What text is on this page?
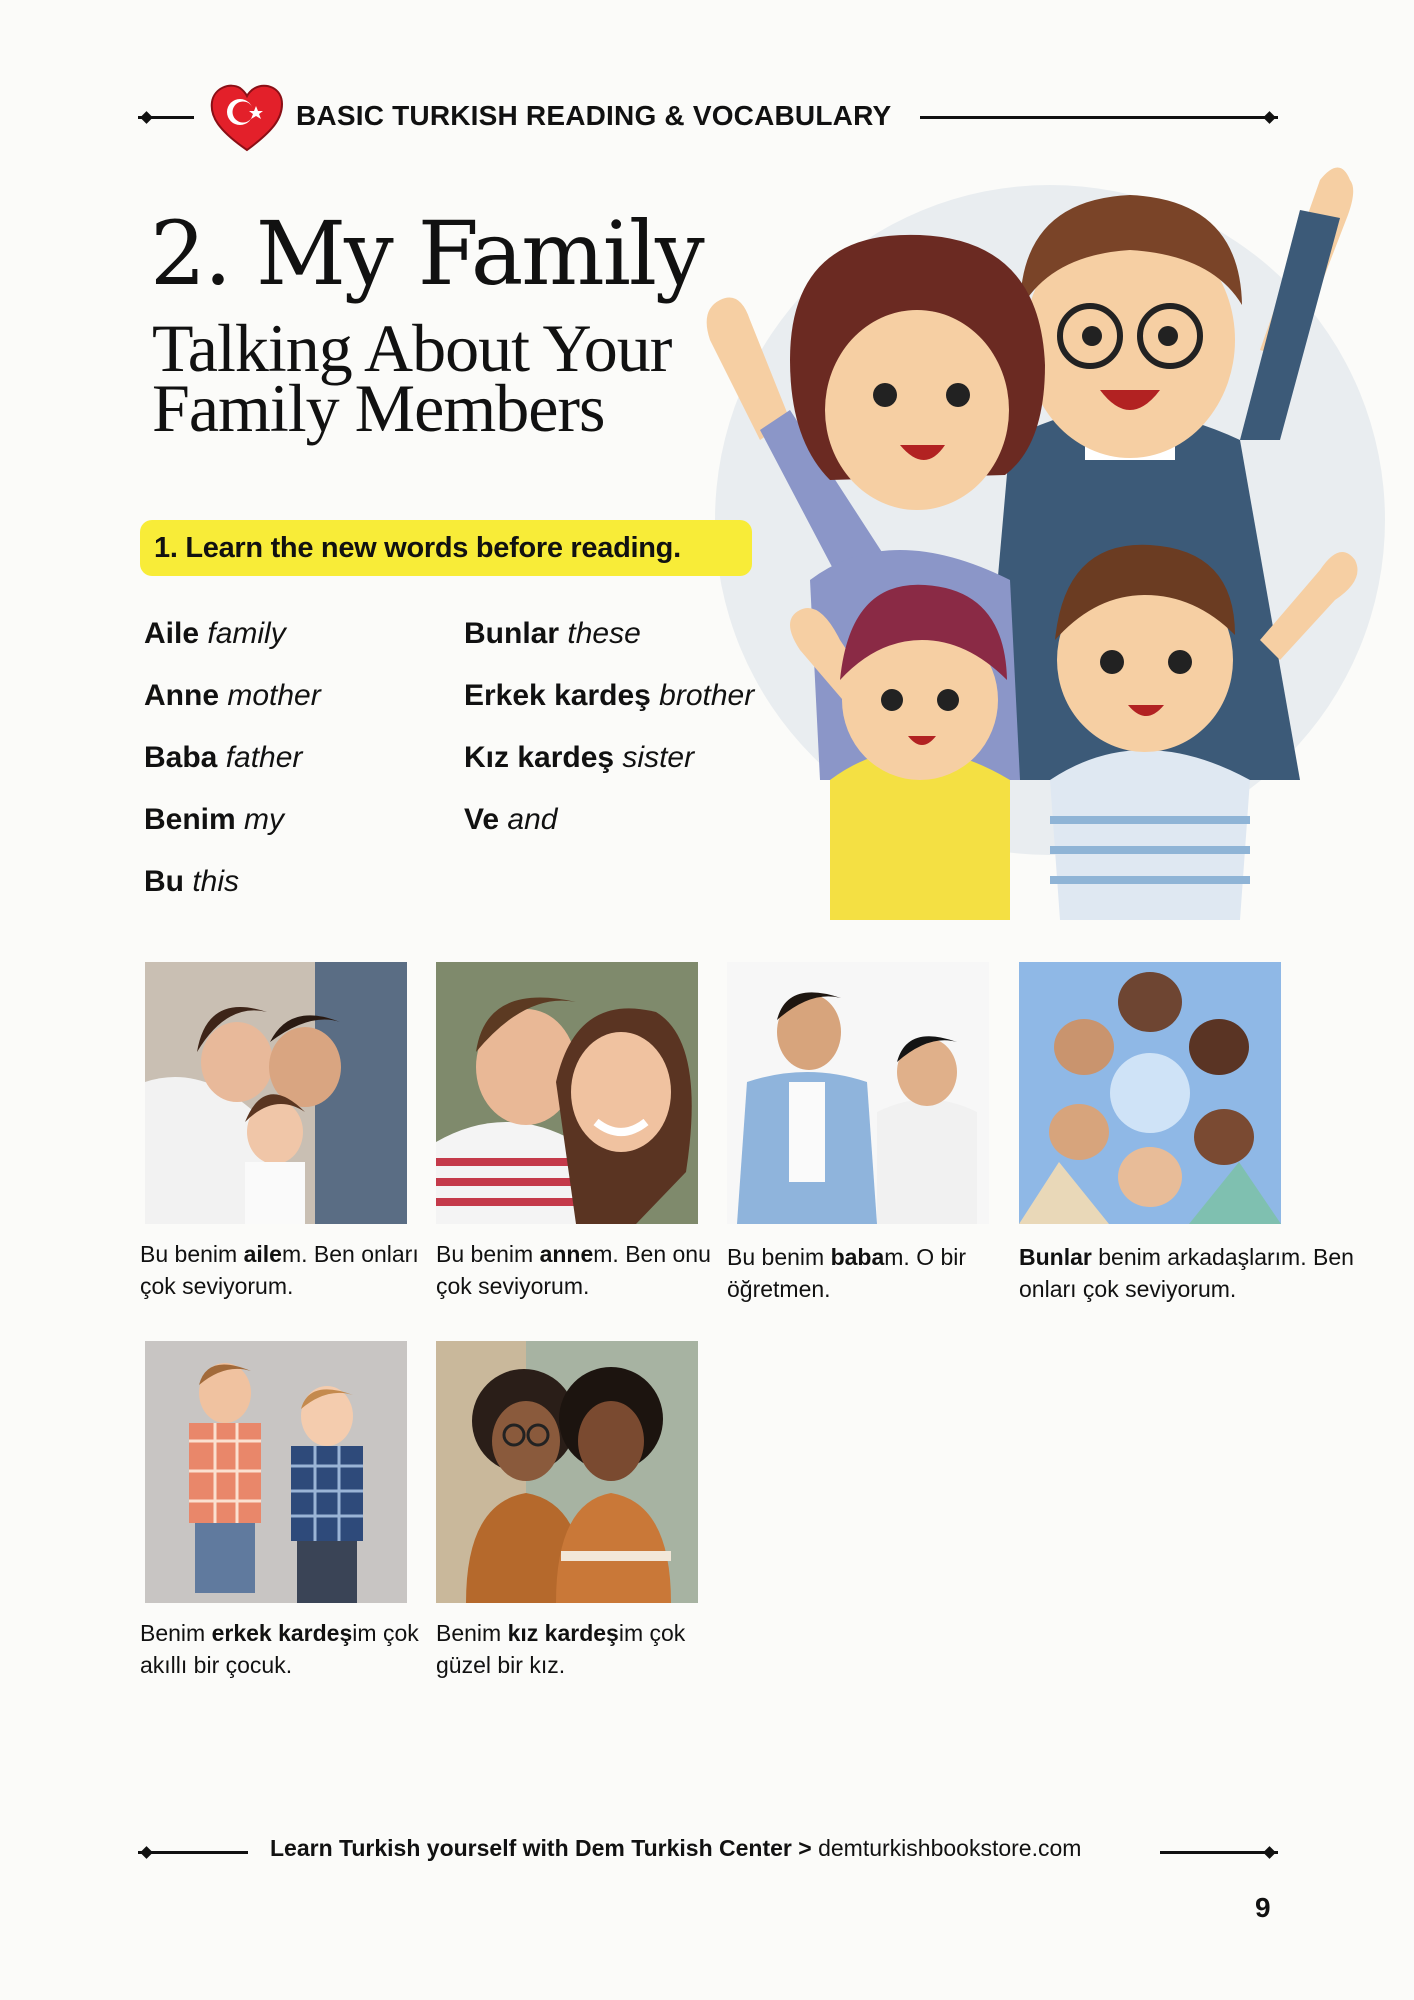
BASIC TURKISH READING & VOCABULARY
2. My Family
Talking About Your Family Members
1. Learn the new words before reading.
Aile family
Anne mother
Baba father
Benim my
Bu this
Bunlar these
Erkek kardeş brother
Kız kardeş sister
Ve and
Bu benim ailem. Ben onları çok seviyorum.
Bu benim annem. Ben onu çok seviyorum.
Bu benim babam. O bir öğretmen.
Bunlar benim arkadaşlarım. Ben onları çok seviyorum.
Benim erkek kardeşim çok akıllı bir çocuk.
Benim kız kardeşim çok güzel bir kız.
Learn Turkish yourself with Dem Turkish Center > demturkishbookstore.com
9
